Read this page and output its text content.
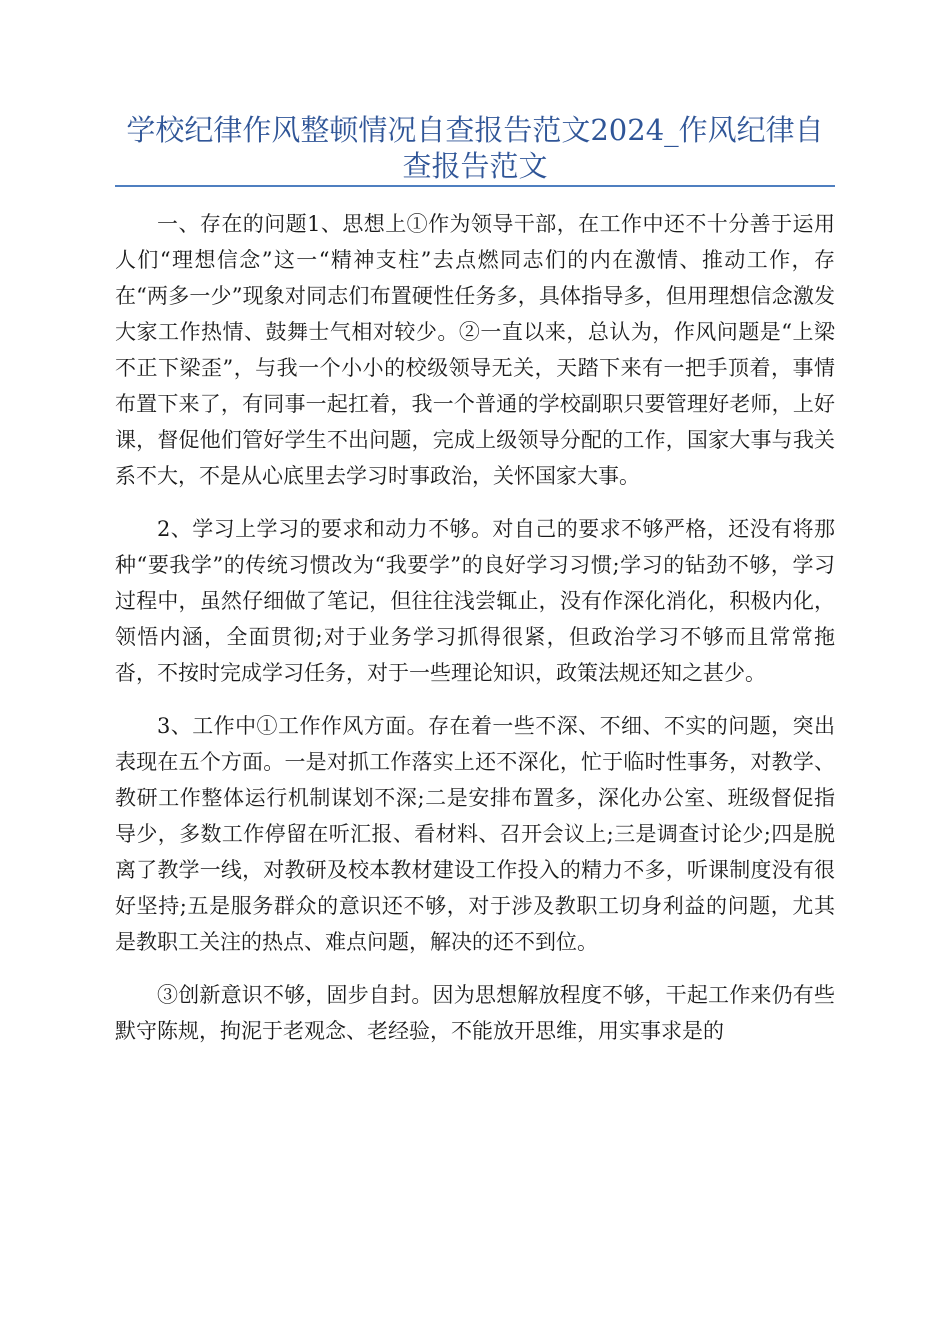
学校纪律作风整顿情况自查报告范文2024_作风纪律自查报告范文

一、存在的问题1、思想上①作为领导干部，在工作中还不十分善于运用人们“理想信念”这一“精神支柱”去点燃同志们的内在激情、推动工作，存在“两多一少”现象对同志们布置硬性任务多，具体指导多，但用理想信念激发大家工作热情、鼓舞士气相对较少。②一直以来，总认为，作风问题是“上梁不正下梁歪”，与我一个小小的校级领导无关，天踏下来有一把手顶着，事情布置下来了，有同事一起扛着，我一个普通的学校副职只要管理好老师，上好课，督促他们管好学生不出问题，完成上级领导分配的工作，国家大事与我关系不大，不是从心底里去学习时事政治，关怀国家大事。

2、学习上学习的要求和动力不够。对自己的要求不够严格，还没有将那种“要我学”的传统习惯改为“我要学”的良好学习习惯;学习的钻劲不够，学习过程中，虽然仔细做了笔记，但往往浅尝辄止，没有作深化消化，积极内化，领悟内涵，全面贯彻;对于业务学习抓得很紧，但政治学习不够而且常常拖沓，不按时完成学习任务，对于一些理论知识，政策法规还知之甚少。

3、工作中①工作作风方面。存在着一些不深、不细、不实的问题，突出表现在五个方面。一是对抓工作落实上还不深化，忙于临时性事务，对教学、教研工作整体运行机制谋划不深;二是安排布置多，深化办公室、班级督促指导少，多数工作停留在听汇报、看材料、召开会议上;三是调查讨论少;四是脱离了教学一线，对教研及校本教材建设工作投入的精力不多，听课制度没有很好坚持;五是服务群众的意识还不够，对于涉及教职工切身利益的问题，尤其是教职工关注的热点、难点问题，解决的还不到位。

③创新意识不够，固步自封。因为思想解放程度不够，干起工作来仍有些默守陈规，拘泥于老观念、老经验，不能放开思维，用实事求是的
